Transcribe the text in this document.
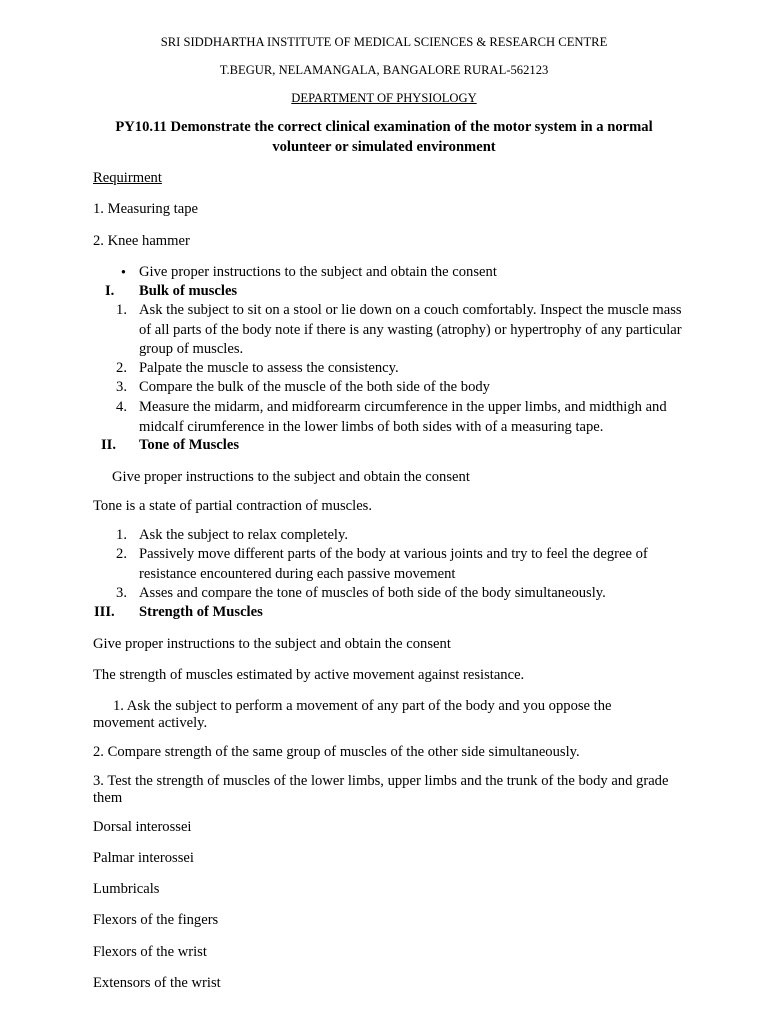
SRI SIDDHARTHA INSTITUTE OF MEDICAL SCIENCES & RESEARCH CENTRE
T.BEGUR, NELAMANGALA, BANGALORE RURAL-562123
DEPARTMENT OF PHYSIOLOGY
PY10.11 Demonstrate the correct clinical examination of the motor system in a normal volunteer or simulated environment
Requirment
1. Measuring tape
2. Knee hammer
• Give proper instructions to the subject and obtain the consent
I. Bulk of muscles
1. Ask the subject to sit on a stool or lie down on a couch comfortably. Inspect the muscle mass of all parts of the body note if there is any wasting (atrophy) or hypertrophy of any particular group of muscles.
2. Palpate the muscle to assess the consistency.
3. Compare the bulk of the muscle of the both side of the body
4. Measure the midarm, and midforearm circumference in the upper limbs, and midthigh and midcalf cirumference in the lower limbs of both sides with of a measuring tape.
II. Tone of Muscles
Give proper instructions to the subject and obtain the consent
Tone is a state of partial contraction of muscles.
1. Ask the subject to relax completely.
2. Passively move different parts of the body at various joints and try to feel the degree of resistance encountered during each passive movement
3. Asses and compare the tone of muscles of both side of the body simultaneously.
III. Strength of Muscles
Give proper instructions to the subject and obtain the consent
The strength of muscles estimated by active movement against resistance.
1. Ask the subject to perform a movement of any part of the body and you oppose the movement actively.
2. Compare strength of the same group of muscles of the other side simultaneously.
3. Test the strength of muscles of the lower limbs, upper limbs and the trunk of the body and grade them
Dorsal interossei
Palmar interossei
Lumbricals
Flexors of the fingers
Flexors of the wrist
Extensors of the wrist
